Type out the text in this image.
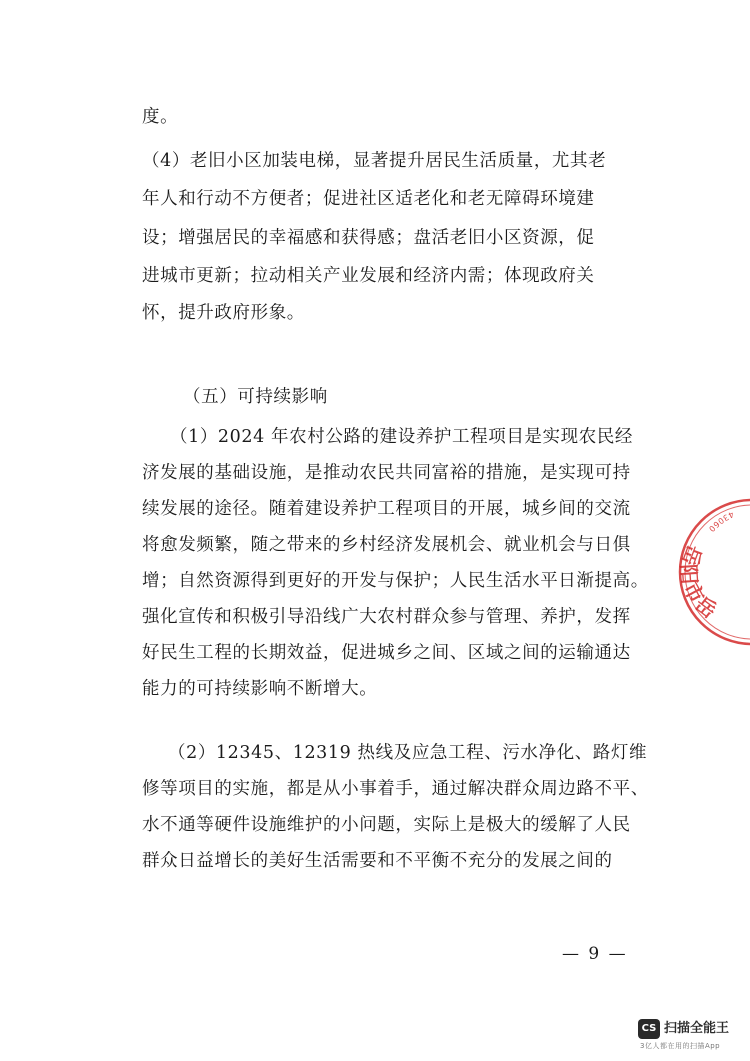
度。
（4）老旧小区加装电梯，显著提升居民生活质量，尤其老
年人和行动不方便者；促进社区适老化和老无障碍环境建
设；增强居民的幸福感和获得感；盘活老旧小区资源，促
进城市更新；拉动相关产业发展和经济内需；体现政府关
怀，提升政府形象。
（五）可持续影响
（1）2024 年农村公路的建设养护工程项目是实现农民经
济发展的基础设施，是推动农民共同富裕的措施，是实现可持
续发展的途径。随着建设养护工程项目的开展，城乡间的交流
将愈发频繁，随之带来的乡村经济发展机会、就业机会与日俱
增；自然资源得到更好的开发与保护；人民生活水平日渐提高。
强化宣传和积极引导沿线广大农村群众参与管理、养护，发挥
好民生工程的长期效益，促进城乡之间、区域之间的运输通达
能力的可持续影响不断增大。
（2）12345、12319 热线及应急工程、污水净化、路灯维
修等项目的实施，都是从小事着手，通过解决群众周边路不平、
水不通等硬件设施维护的小问题，实际上是极大的缓解了人民
群众日益增长的美好生活需要和不平衡不充分的发展之间的
— 9 —
岳阳市岳
43060
CS 扫描全能王
3亿人都在用的扫描App
